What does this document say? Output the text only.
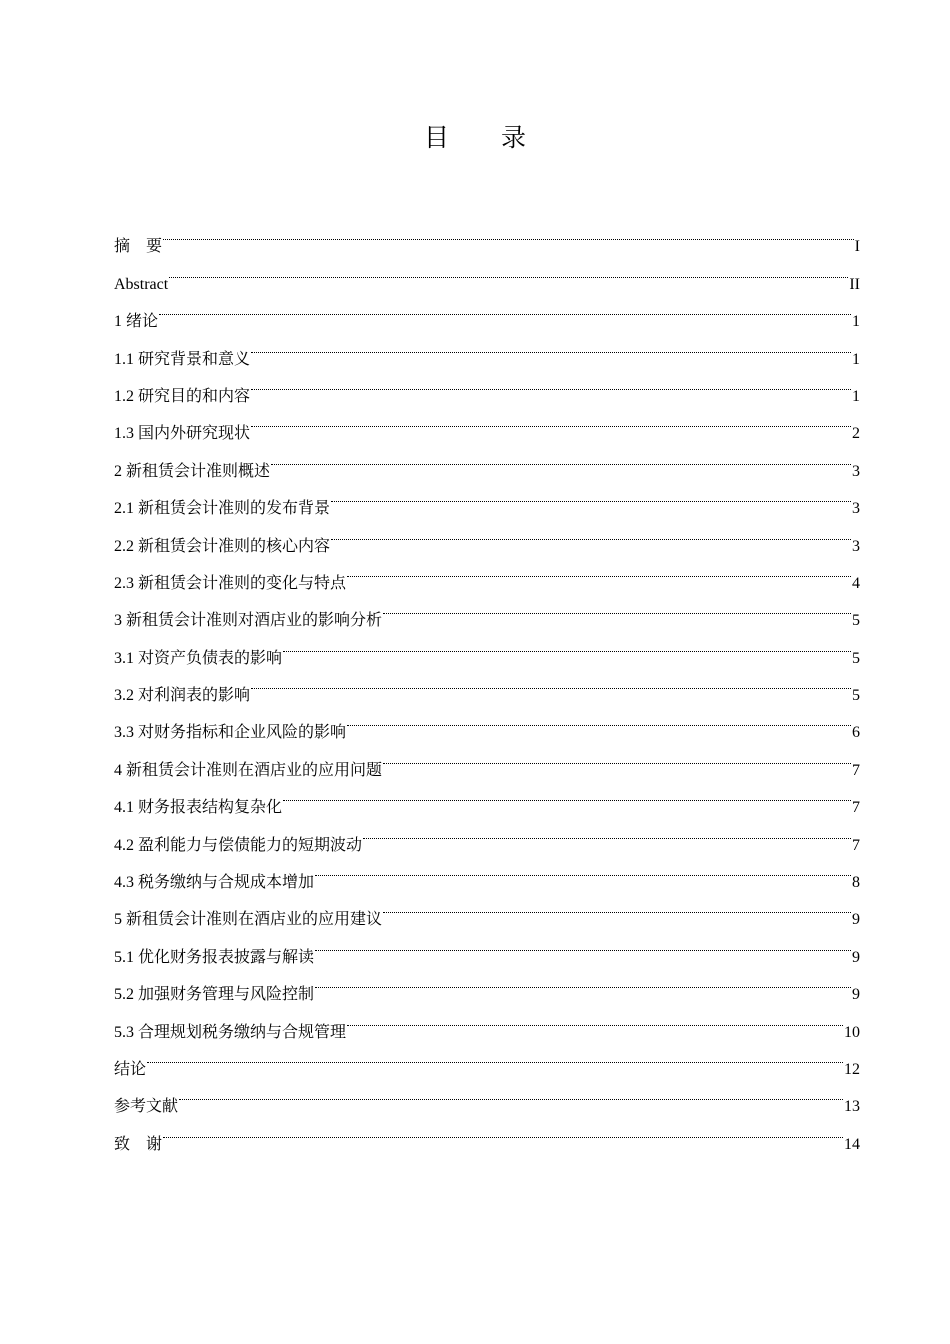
目 录
摘    要	I
Abstract	II
1 绪论	1
1.1 研究背景和意义	1
1.2 研究目的和内容	1
1.3 国内外研究现状	2
2 新租赁会计准则概述	3
2.1 新租赁会计准则的发布背景	3
2.2 新租赁会计准则的核心内容	3
2.3 新租赁会计准则的变化与特点	4
3 新租赁会计准则对酒店业的影响分析	5
3.1 对资产负债表的影响	5
3.2 对利润表的影响	5
3.3 对财务指标和企业风险的影响	6
4 新租赁会计准则在酒店业的应用问题	7
4.1 财务报表结构复杂化	7
4.2 盈利能力与偿债能力的短期波动	7
4.3 税务缴纳与合规成本增加	8
5 新租赁会计准则在酒店业的应用建议	9
5.1 优化财务报表披露与解读	9
5.2 加强财务管理与风险控制	9
5.3 合理规划税务缴纳与合规管理	10
结论	12
参考文献	13
致    谢	14
